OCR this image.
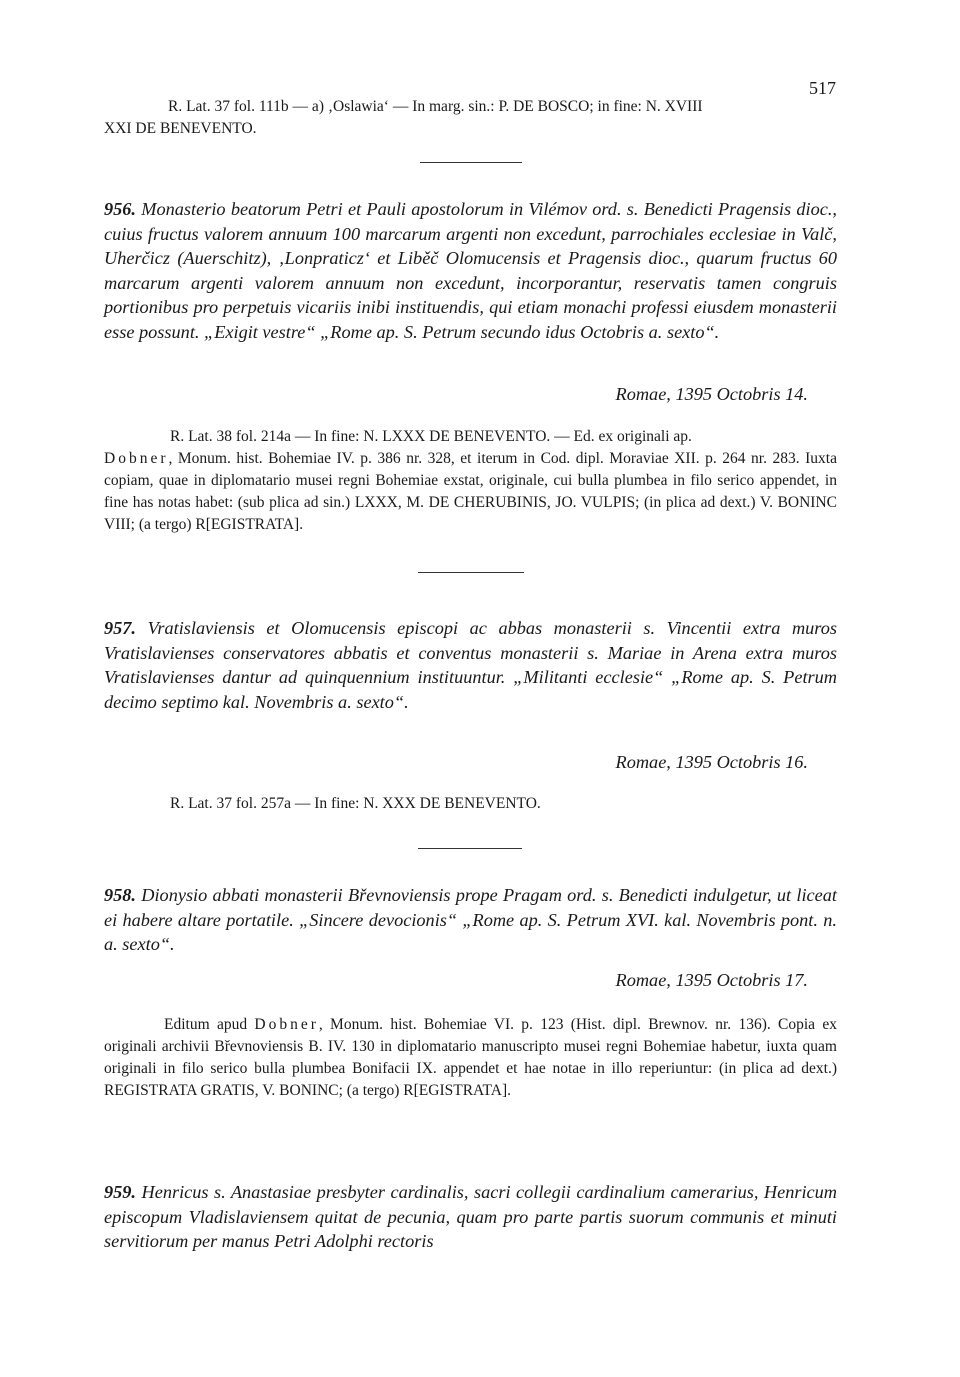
517
R. Lat. 37 fol. 111b — a) ‚Oslawia‘ — In marg. sin.: P. DE BOSCO; in fine: N. XVIII
XXI DE BENEVENTO.
956. Monasterio beatorum Petri et Pauli apostolorum in Vilémov ord. s. Benedicti Pragensis dioc., cuius fructus valorem annuum 100 marcarum argenti non excedunt, parrochiales ecclesiae in Valč, Uherčicz (Auerschitz), ‚Lonpraticz‘ et Liběč Olomucensis et Pragensis dioc., quarum fructus 60 marcarum argenti valorem annuum non excedunt, incorporantur, reservatis tamen congruis portionibus pro perpetuis vicariis inibi instituendis, qui etiam monachi professi eiusdem monasterii esse possunt. „Exigit vestre“ „Rome ap. S. Petrum secundo idus Octobris a. sexto“.
Romae, 1395 Octobris 14.
R. Lat. 38 fol. 214a — In fine: N. LXXX DE BENEVENTO. — Ed. ex originali ap.
Dobner, Monum. hist. Bohemiae IV. p. 386 nr. 328, et iterum in Cod. dipl. Moraviae XII. p. 264 nr. 283. Iuxta copiam, quae in diplomatario musei regni Bohemiae exstat, originale, cui bulla plumbea in filo serico appendet, in fine has notas habet: (sub plica ad sin.) LXXX, M. DE CHERUBINIS, JO. VULPIS; (in plica ad dext.) V. BONINC VIII; (a tergo) R[EGISTRATA].
957. Vratislaviensis et Olomucensis episcopi ac abbas monasterii s. Vincentii extra muros Vratislavienses conservatores abbatis et conventus monasterii s. Mariae in Arena extra muros Vratislavienses dantur ad quinquennium instituuntur. „Militanti ecclesie“ „Rome ap. S. Petrum decimo septimo kal. Novembris a. sexto“.
Romae, 1395 Octobris 16.
R. Lat. 37 fol. 257a — In fine: N. XXX DE BENEVENTO.
958. Dionysio abbati monasterii Břevnoviensis prope Pragam ord. s. Benedicti indulgetur, ut liceat ei habere altare portatile. „Sincere devocionis“ „Rome ap. S. Petrum XVI. kal. Novembris pont. n. a. sexto“.
Romae, 1395 Octobris 17.
Editum apud Dobner, Monum. hist. Bohemiae VI. p. 123 (Hist. dipl. Brewnov. nr. 136). Copia ex originali archivii Břevnoviensis B. IV. 130 in diplomatario manuscripto musei regni Bohemiae habetur, iuxta quam originali in filo serico bulla plumbea Bonifacii IX. appendet et hae notae in illo reperiuntur: (in plica ad dext.) REGISTRATA GRATIS, V. BONINC; (a tergo) R[EGISTRATA].
959. Henricus s. Anastasiae presbyter cardinalis, sacri collegii cardinalium camerarius, Henricum episcopum Vladislaviensem quitat de pecunia, quam pro parte partis suorum communis et minuti servitiorum per manus Petri Adolphi rectoris
